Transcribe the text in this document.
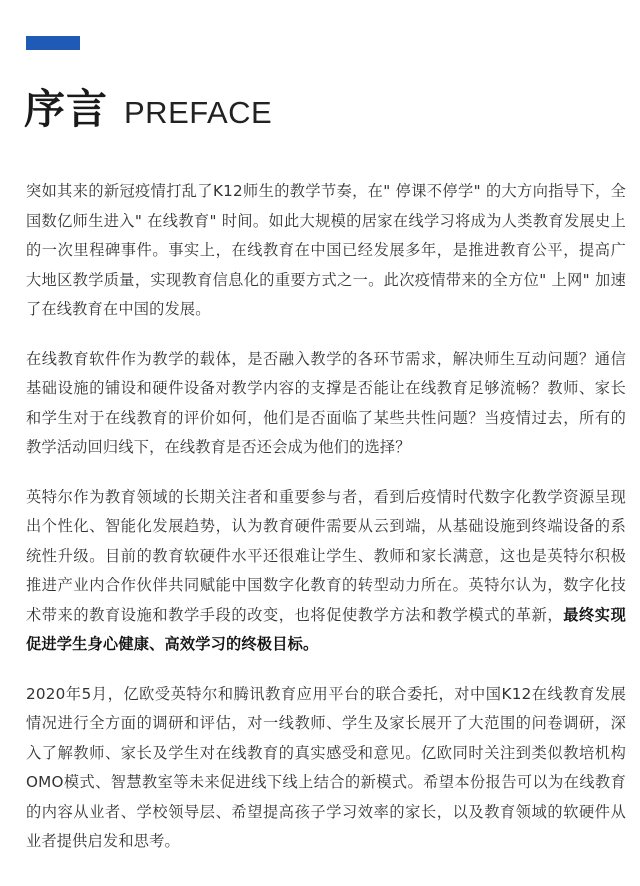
序言 PREFACE

突如其来的新冠疫情打乱了K12师生的教学节奏，在" 停课不停学" 的大方向指导下，全国数亿师生进入" 在线教育" 时间。如此大规模的居家在线学习将成为人类教育发展史上的一次里程碑事件。事实上，在线教育在中国已经发展多年，是推进教育公平，提高广大地区教学质量，实现教育信息化的重要方式之一。此次疫情带来的全方位" 上网" 加速了在线教育在中国的发展。

在线教育软件作为教学的载体，是否融入教学的各环节需求，解决师生互动问题？通信基础设施的铺设和硬件设备对教学内容的支撑是否能让在线教育足够流畅？教师、家长和学生对于在线教育的评价如何，他们是否面临了某些共性问题？当疫情过去，所有的教学活动回归线下，在线教育是否还会成为他们的选择？

英特尔作为教育领域的长期关注者和重要参与者，看到后疫情时代数字化教学资源呈现出个性化、智能化发展趋势，认为教育硬件需要从云到端，从基础设施到终端设备的系统性升级。目前的教育软硬件水平还很难让学生、教师和家长满意，这也是英特尔积极推进产业内合作伙伴共同赋能中国数字化教育的转型动力所在。英特尔认为，数字化技术带来的教育设施和教学手段的改变，也将促使教学方法和教学模式的革新，最终实现促进学生身心健康、高效学习的终极目标。

2020年5月，亿欧受英特尔和腾讯教育应用平台的联合委托，对中国K12在线教育发展情况进行全方面的调研和评估，对一线教师、学生及家长展开了大范围的问卷调研，深入了解教师、家长及学生对在线教育的真实感受和意见。亿欧同时关注到类似教培机构OMO模式、智慧教室等未来促进线下线上结合的新模式。希望本份报告可以为在线教育的内容从业者、学校领导层、希望提高孩子学习效率的家长，以及教育领域的软硬件从业者提供启发和思考。
